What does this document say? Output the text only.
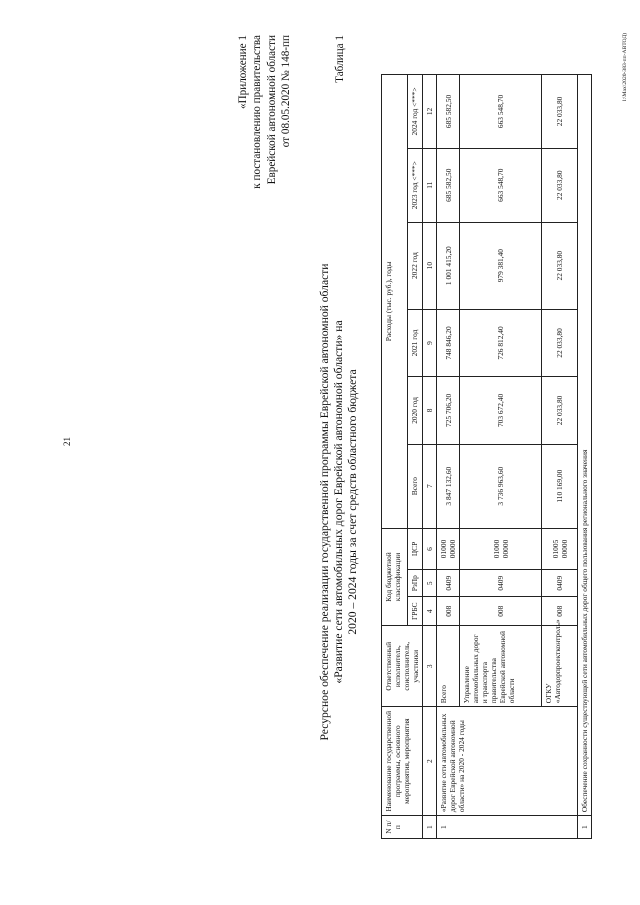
21
«Приложение 1 к постановлению правительства Еврейской автономной области от 08.05.2020 № 148-пп	Таблица 1
Ресурсное обеспечение реализации государственной программы Еврейской автономной области «Развитие сети автомобильных дорог Еврейской автономной области» на 2020 – 2024 годы за счет средств областного бюджета
N п/п	Наименование государственной программы, основного мероприятия, мероприятия	Ответственный исполнитель, соисполнитель, участники	Код бюджетной классификации			Расходы (тыс. руб.), годы					
			ГРБС	РзПр	ЦСР	Всего	2020 год	2021 год	2022 год	2023 год <***>	2024 год <***>
1	2	3	4	5	6	7	8	9	10	11	12
1	«Развитие сети автомобильных дорог Еврейской автономной области» на 2020 - 2024 годы	Всего	008	0409	01000 00000	3 847 132,60	725 706,20	748 846,20	1 001 415,20	685 582,50	685 582,50
		Управление автомобильных дорог и транспорта правительства Еврейской автономной области	008	0409	01000 00000	3 736 963,60	703 672,40	726 812,40	979 381,40	663 548,70	663 548,70
		ОГКУ «Автодорпроектконтроль»	008	0409	01005 00000	110 169,00	22 033,80	22 033,80	22 033,80	22 033,80	22 033,80
1	Обеспечение сохранности существующей сети автомобильных дорог общего пользования регионального значения										
l:\Max\2020-383-пп-АВТОД)
